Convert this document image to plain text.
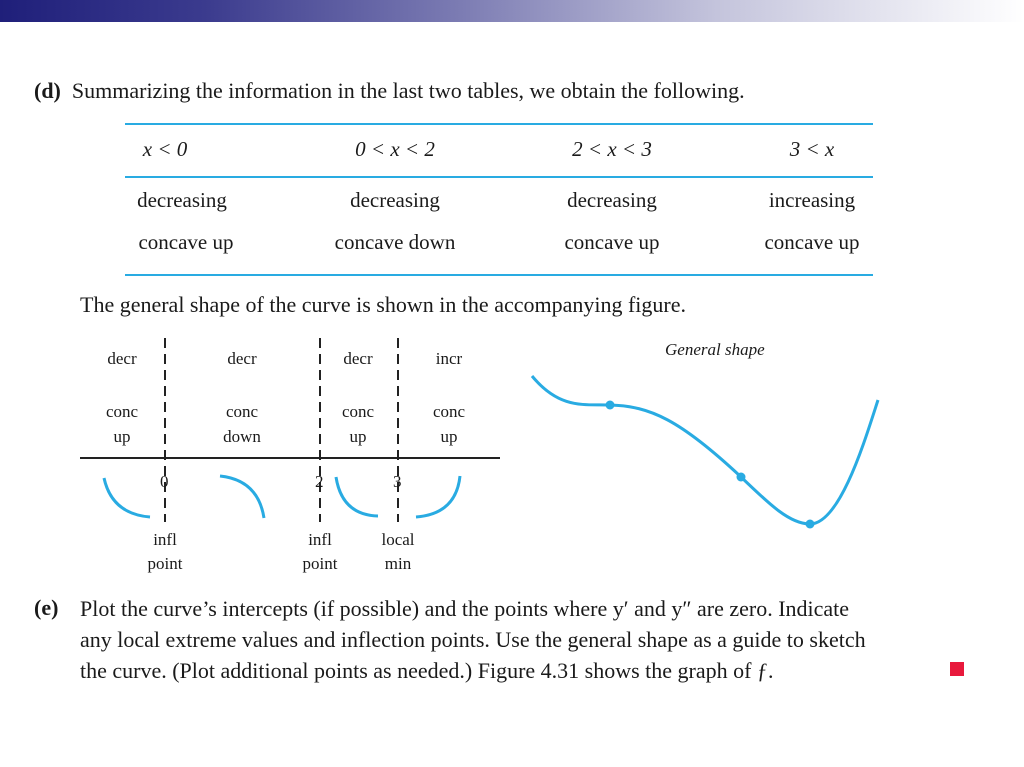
(d) Summarizing the information in the last two tables, we obtain the following.
x < 0	0 < x < 2	2 < x < 3	3 < x
decreasing	decreasing	decreasing	increasing
concave up	concave down	concave up	concave up
The general shape of the curve is shown in the accompanying figure.
decr
conc
up
decr
conc
down
decr
conc
up
incr
conc
up
0	2	3
infl
point
infl
point
local
min
General shape
(e) Plot the curve’s intercepts (if possible) and the points where y′ and y″ are zero. Indicate
any local extreme values and inflection points. Use the general shape as a guide to sketch
the curve. (Plot additional points as needed.) Figure 4.31 shows the graph of ƒ.
